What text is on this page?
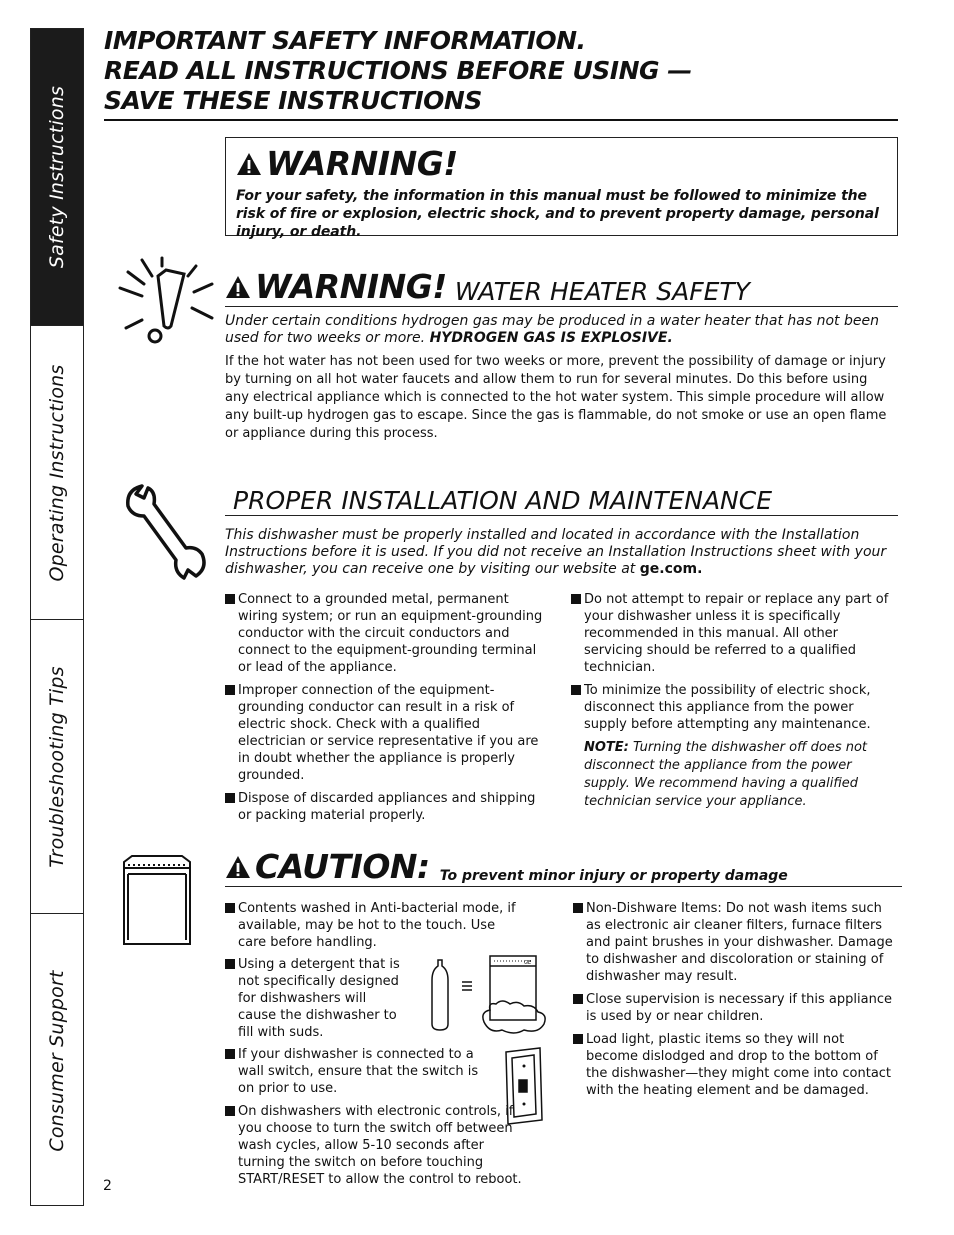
Safety Instructions
Operating Instructions
Troubleshooting Tips
Consumer Support
IMPORTANT SAFETY INFORMATION.
READ ALL INSTRUCTIONS BEFORE USING —
SAVE THESE INSTRUCTIONS
WARNING!
For your safety, the information in this manual must be followed to minimize the risk of fire or explosion, electric shock, and to prevent property damage, personal injury, or death.
WARNING! WATER HEATER SAFETY
Under certain conditions hydrogen gas may be produced in a water heater that has not been used for two weeks or more. HYDROGEN GAS IS EXPLOSIVE.
If the hot water has not been used for two weeks or more, prevent the possibility of damage or injury by turning on all hot water faucets and allow them to run for several minutes. Do this before using any electrical appliance which is connected to the hot water system. This simple procedure will allow any built-up hydrogen gas to escape. Since the gas is flammable, do not smoke or use an open flame or appliance during this process.
PROPER INSTALLATION AND MAINTENANCE
This dishwasher must be properly installed and located in accordance with the Installation Instructions before it is used. If you did not receive an Installation Instructions sheet with your dishwasher, you can receive one by visiting our website at ge.com.
Connect to a grounded metal, permanent wiring system; or run an equipment-grounding conductor with the circuit conductors and connect to the equipment-grounding terminal or lead of the appliance.
Improper connection of the equipment-grounding conductor can result in a risk of electric shock. Check with a qualified electrician or service representative if you are in doubt whether the appliance is properly grounded.
Dispose of discarded appliances and shipping or packing material properly.
Do not attempt to repair or replace any part of your dishwasher unless it is specifically recommended in this manual. All other servicing should be referred to a qualified technician.
To minimize the possibility of electric shock, disconnect this appliance from the power supply before attempting any maintenance.
NOTE: Turning the dishwasher off does not disconnect the appliance from the power supply. We recommend having a qualified technician service your appliance.
CAUTION: To prevent minor injury or property damage
Contents washed in Anti-bacterial mode, if available, may be hot to the touch. Use care before handling.
Using a detergent that is not specifically designed for dishwashers will cause the dishwasher to fill with suds.
If your dishwasher is connected to a wall switch, ensure that the switch is on prior to use.
On dishwashers with electronic controls, if you choose to turn the switch off between wash cycles, allow 5-10 seconds after turning the switch on before touching START/RESET to allow the control to reboot.
GE
Non-Dishware Items: Do not wash items such as electronic air cleaner filters, furnace filters and paint brushes in your dishwasher. Damage to dishwasher and discoloration or staining of dishwasher may result.
Close supervision is necessary if this appliance is used by or near children.
Load light, plastic items so they will not become dislodged and drop to the bottom of the dishwasher—they might come into contact with the heating element and be damaged.
2
